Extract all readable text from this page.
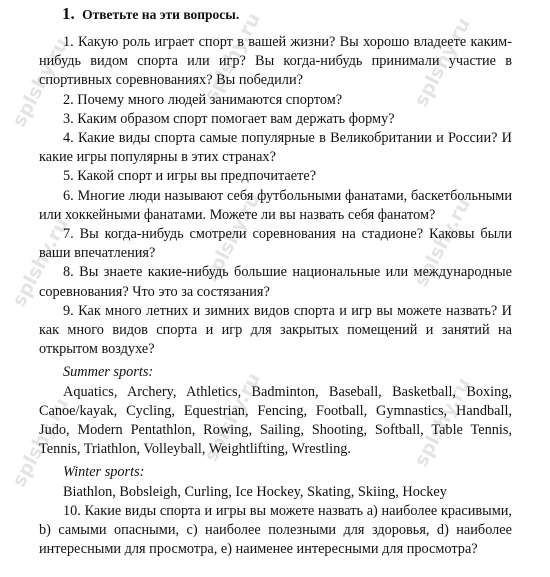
splshy.ru
splshy.ru
splshy.ru
splshy.ru
splshy.ru
splshy.ru
splshy.ru
splshy.ru
splshy.ru
1. Ответьте на эти вопросы.

1. Какую роль играет спорт в вашей жизни? Вы хорошо владеете каким-нибудь видом спорта или игр? Вы когда-нибудь принимали участие в спортивных соревнованиях? Вы победили?

2. Почему много людей занимаются спортом?

3. Каким образом спорт помогает вам держать форму?

4. Какие виды спорта самые популярные в Великобритании и России? И какие игры популярны в этих странах?

5. Какой спорт и игры вы предпочитаете?

6. Многие люди называют себя футбольными фанатами, баскетбольными или хоккейными фанатами. Можете ли вы назвать себя фанатом?

7. Вы когда-нибудь смотрели соревнования на стадионе? Каковы были ваши впечатления?

8. Вы знаете какие-нибудь большие национальные или международные соревнования? Что это за состязания?

9. Как много летних и зимних видов спорта и игр вы можете назвать? И как много видов спорта и игр для закрытых помещений и занятий на открытом воздухе?

Summer sports:

Aquatics, Archery, Athletics, Badminton, Baseball, Basketball, Boxing, Canoe/kayak, Cycling, Equestrian, Fencing, Football, Gymnastics, Handball, Judo, Modern Pentathlon, Rowing, Sailing, Shooting, Softball, Table Tennis, Tennis, Triathlon, Volleyball, Weightlifting, Wrestling.

Winter sports:

Biathlon, Bobsleigh, Curling, Ice Hockey, Skating, Skiing, Hockey

10. Какие виды спорта и игры вы можете назвать a) наиболее красивыми, b) самыми опасными, c) наиболее полезными для здоровья, d) наиболее интересными для просмотра, e) наименее интересными для просмотра?
